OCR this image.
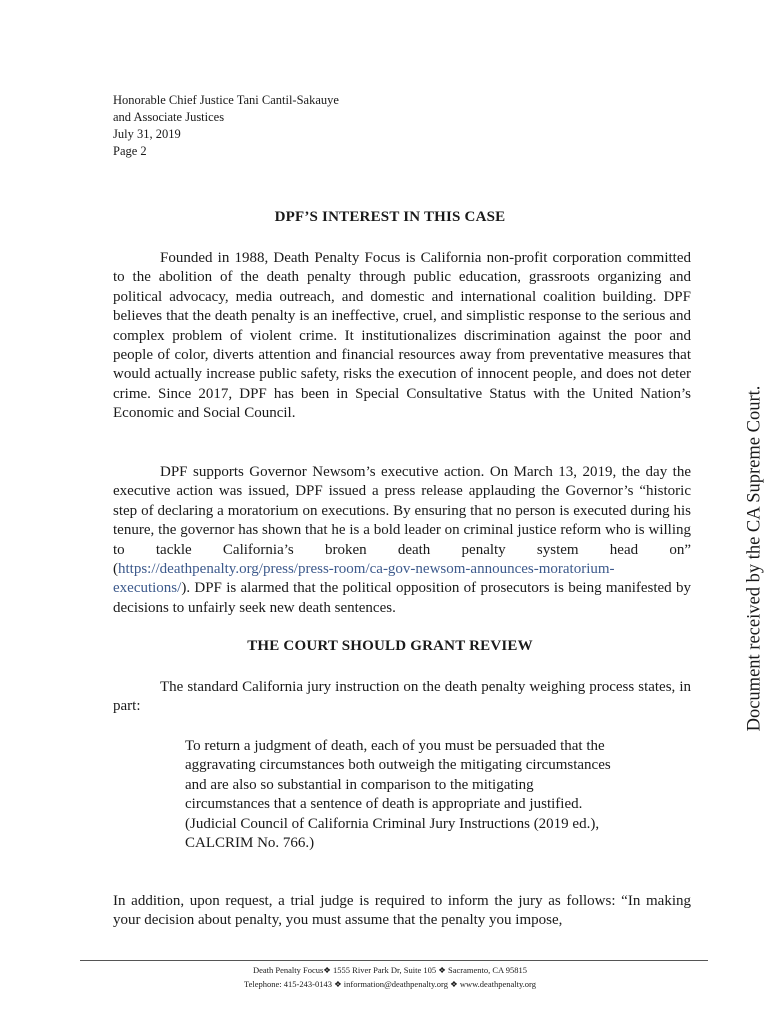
Honorable Chief Justice Tani Cantil-Sakauye
and Associate Justices
July 31, 2019
Page 2
DPF’S INTEREST IN THIS CASE

Founded in 1988, Death Penalty Focus is California non-profit corporation committed to the abolition of the death penalty through public education, grassroots organizing and political advocacy, media outreach, and domestic and international coalition building. DPF believes that the death penalty is an ineffective, cruel, and simplistic response to the serious and complex problem of violent crime. It institutionalizes discrimination against the poor and people of color, diverts attention and financial resources away from preventative measures that would actually increase public safety, risks the execution of innocent people, and does not deter crime. Since 2017, DPF has been in Special Consultative Status with the United Nation’s Economic and Social Council.

DPF supports Governor Newsom’s executive action. On March 13, 2019, the day the executive action was issued, DPF issued a press release applauding the Governor’s “historic step of declaring a moratorium on executions. By ensuring that no person is executed during his tenure, the governor has shown that he is a bold leader on criminal justice reform who is willing to tackle California’s broken death penalty system head on” (https://deathpenalty.org/press/press-room/ca-gov-newsom-announces-moratorium-executions/). DPF is alarmed that the political opposition of prosecutors is being manifested by decisions to unfairly seek new death sentences.

THE COURT SHOULD GRANT REVIEW

The standard California jury instruction on the death penalty weighing process states, in part:

To return a judgment of death, each of you must be persuaded that the aggravating circumstances both outweigh the mitigating circumstances and are also so substantial in comparison to the mitigating circumstances that a sentence of death is appropriate and justified. (Judicial Council of California Criminal Jury Instructions (2019 ed.), CALCRIM No. 766.)

In addition, upon request, a trial judge is required to inform the jury as follows: “In making your decision about penalty, you must assume that the penalty you impose,

Document received by the CA Supreme Court.
Death Penalty Focus❖ 1555 River Park Dr, Suite 105 ❖ Sacramento, CA 95815
Telephone: 415-243-0143 ❖ information@deathpenalty.org ❖ www.deathpenalty.org
